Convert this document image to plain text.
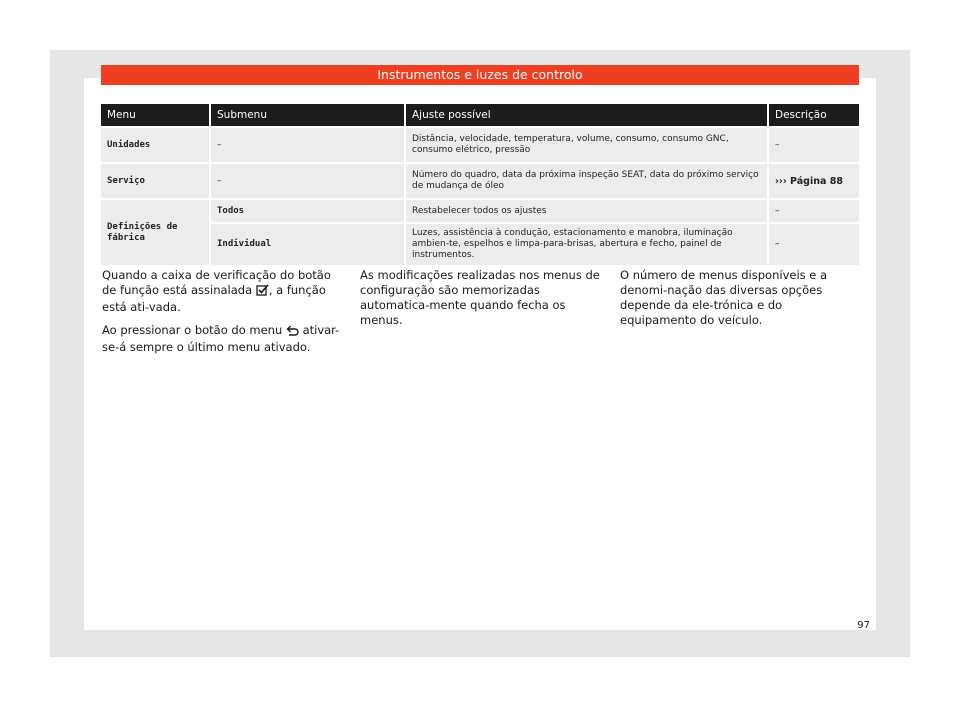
Instrumentos e luzes de controlo
Menu	Submenu	Ajuste possível	Descrição
Unidades	–	Distância, velocidade, temperatura, volume, consumo, consumo GNC, consumo elétrico, pressão	–
Serviço	–	Número do quadro, data da próxima inspeção SEAT, data do próximo serviço de mudança de óleo	››› Página 88
Definições de fábrica	Todos	Restabelecer todos os ajustes	–
	Individual	Luzes, assistência à condução, estacionamento e manobra, iluminação ambien-te, espelhos e limpa-para-brisas, abertura e fecho, painel de instrumentos.	–

Quando a caixa de verificação do botão de função está assinalada , a função está ati-vada.

Ao pressionar o botão do menu ativar-se-á sempre o último menu ativado.

As modificações realizadas nos menus de configuração são memorizadas automatica-mente quando fecha os menus.

O número de menus disponíveis e a denomi-nação das diversas opções depende da ele-trónica e do equipamento do veículo.

97
